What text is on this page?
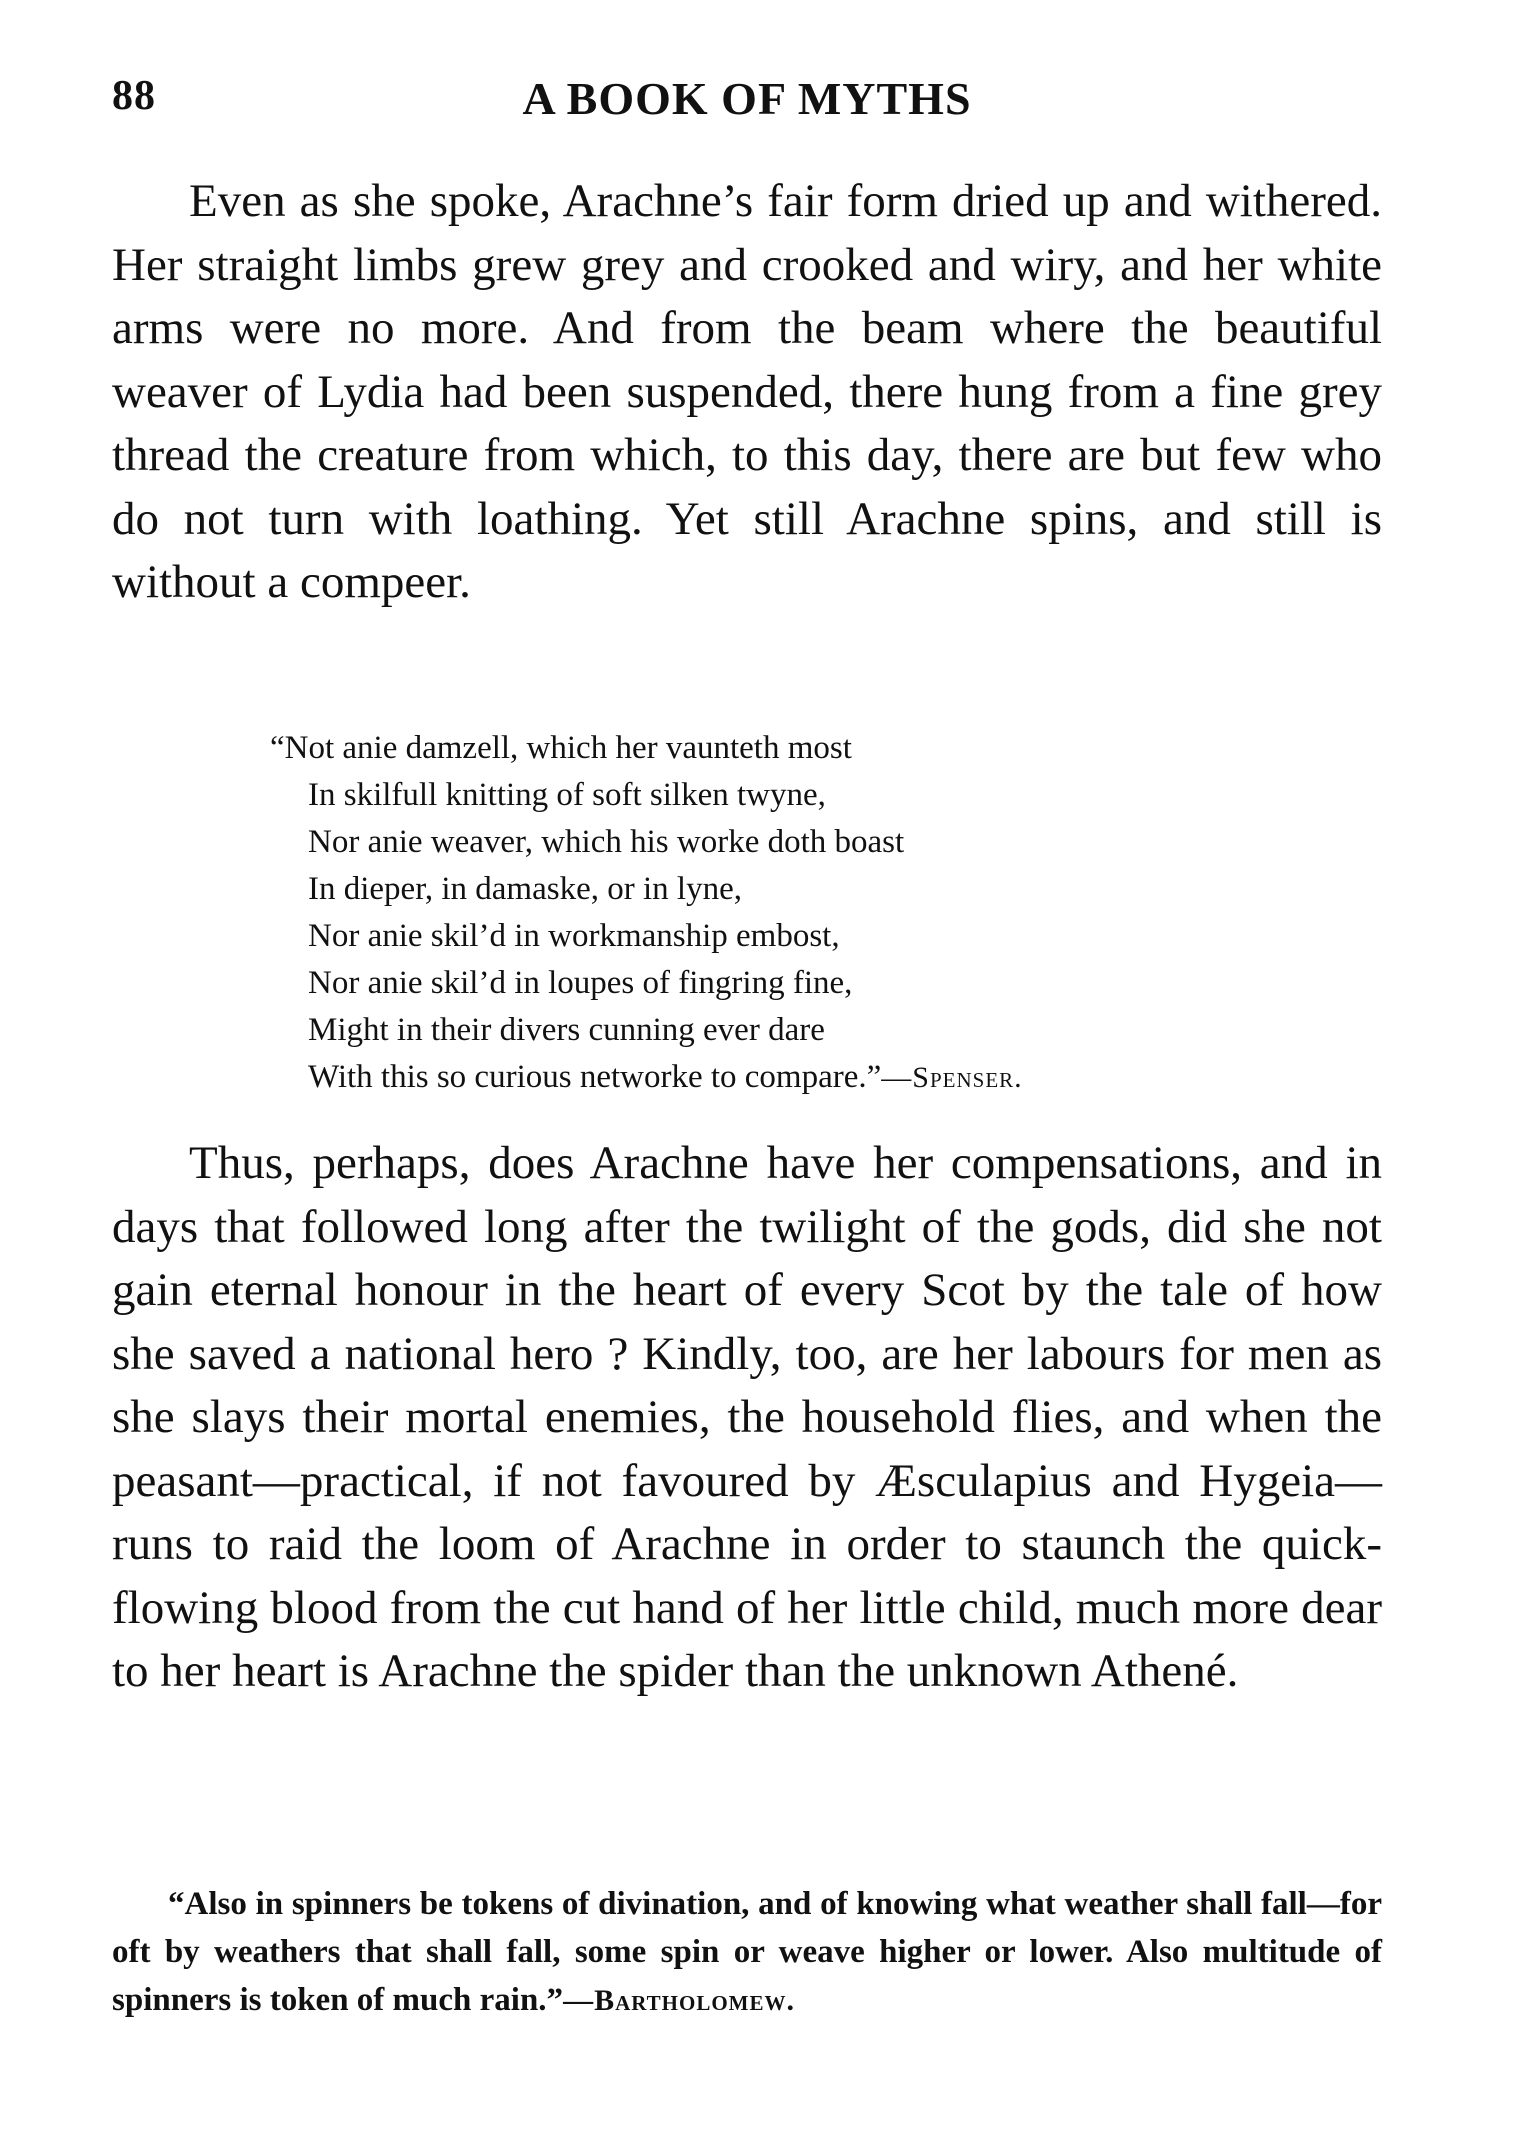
88	A BOOK OF MYTHS

Even as she spoke, Arachne’s fair form dried up and withered. Her straight limbs grew grey and crooked and wiry, and her white arms were no more. And from the beam where the beautiful weaver of Lydia had been suspended, there hung from a fine grey thread the creature from which, to this day, there are but few who do not turn with loathing. Yet still Arachne spins, and still is without a compeer.

“Not anie damzell, which her vaunteth most
In skilfull knitting of soft silken twyne,
Nor anie weaver, which his worke doth boast
In dieper, in damaske, or in lyne,
Nor anie skil’d in workmanship embost,
Nor anie skil’d in loupes of fingring fine,
Might in their divers cunning ever dare
With this so curious networke to compare.”—Spenser.

Thus, perhaps, does Arachne have her compensations, and in days that followed long after the twilight of the gods, did she not gain eternal honour in the heart of every Scot by the tale of how she saved a national hero ? Kindly, too, are her labours for men as she slays their mortal enemies, the household flies, and when the peasant—practical, if not favoured by Æsculapius and Hygeia—runs to raid the loom of Arachne in order to staunch the quick-flowing blood from the cut hand of her little child, much more dear to her heart is Arachne the spider than the unknown Athené.

“Also in spinners be tokens of divination, and of knowing what weather shall fall—for oft by weathers that shall fall, some spin or weave higher or lower. Also multitude of spinners is token of much rain.”—Bartholomew.
